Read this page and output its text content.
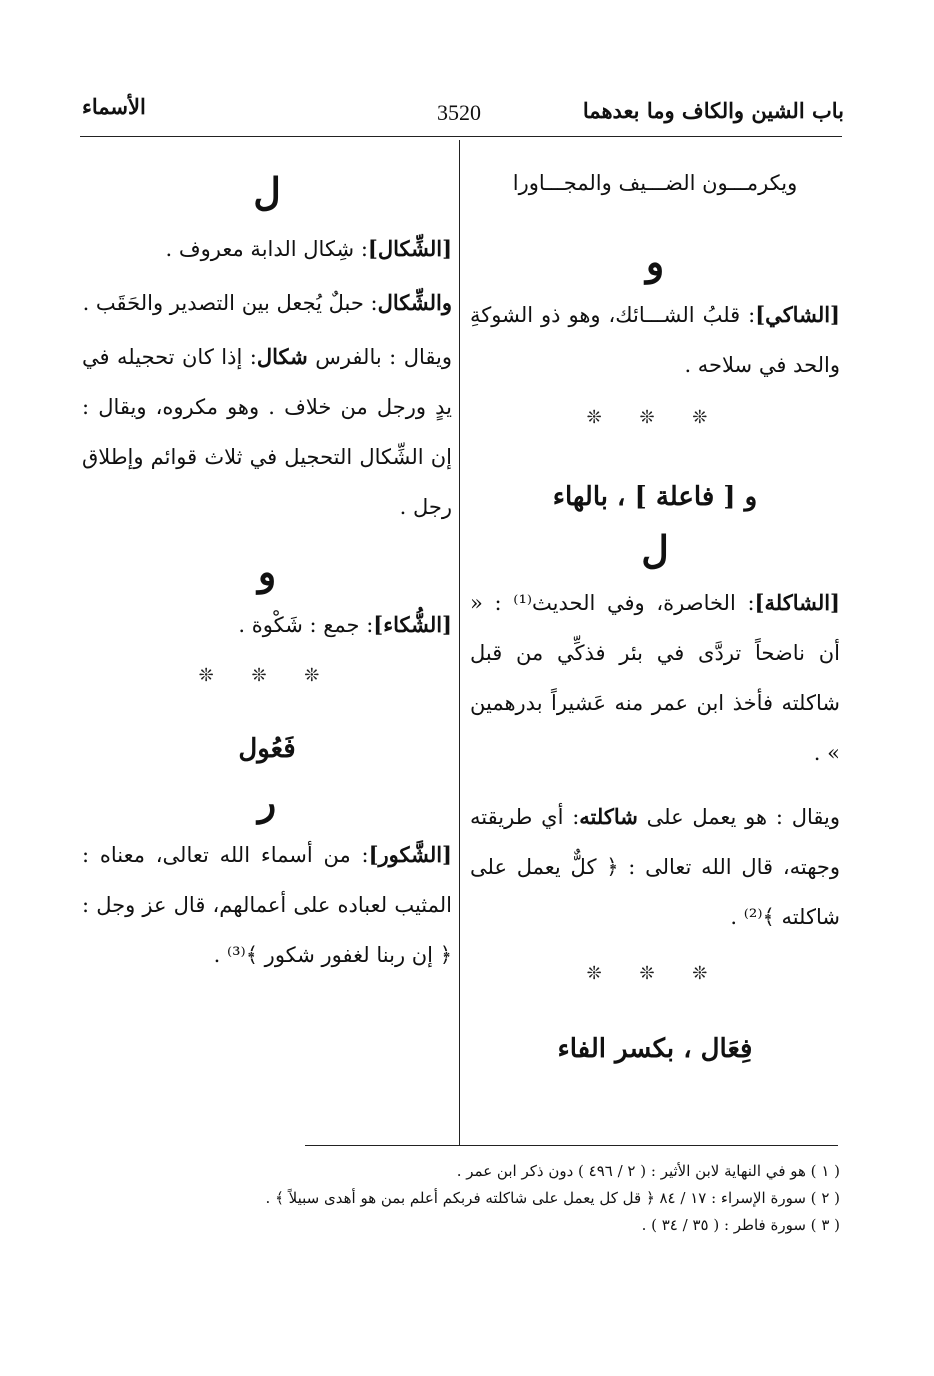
باب الشين والكاف وما بعدهما
3520
الأسماء

ويكرمـــون الضـــيف والمجـــاورا

و

[الشاكي]: قلبُ الشـــائك، وهو ذو الشوكةِ والحد في سلاحه .

❊ ❊ ❊
و [ فاعلة ] ، بالهاء
ل

[الشاكلة]: الخاصرة، وفي الحديث⁽¹⁾ : « أن ناضحاً تردَّى في بئر فذكِّي من قبل شاكلته فأخذ ابن عمر منه عَشيراً بدرهمين » .

ويقال : هو يعمل على شاكلته: أي طريقته وجهته، قال الله تعالى : ﴿ كلٌّ يعمل على شاكلته ﴾⁽²⁾ .

❊ ❊ ❊
فِعَال ، بكسر الفاء
ل

[الشِّكال]: شِكال الدابة معروف .

والشِّكال: حبلٌ يُجعل بين التصدير والحَقَب .

ويقال : بالفرس شكال: إذا كان تحجيله في يدٍ ورجل من خلاف . وهو مكروه، ويقال : إن الشِّكال التحجيل في ثلاث قوائم وإطلاق رجل .

و

[الشُّكاء]: جمع : شَكْوة .

❊ ❊ ❊
فَعُول
ر

[الشَّكور]: من أسماء الله تعالى، معناه : المثيب لعباده على أعمالهم، قال عز وجل : ﴿ إن ربنا لغفور شكور ﴾⁽³⁾ .

( ١ ) هو في النهاية لابن الأثير : ( ٢ / ٤٩٦ ) دون ذكر ابن عمر .
( ٢ ) سورة الإسراء : ١٧ / ٨٤ ﴿ قل كل يعمل على شاكلته فربكم أعلم بمن هو أهدى سبيلاً ﴾ .
( ٣ ) سورة فاطر : ( ٣٥ / ٣٤ ) .
